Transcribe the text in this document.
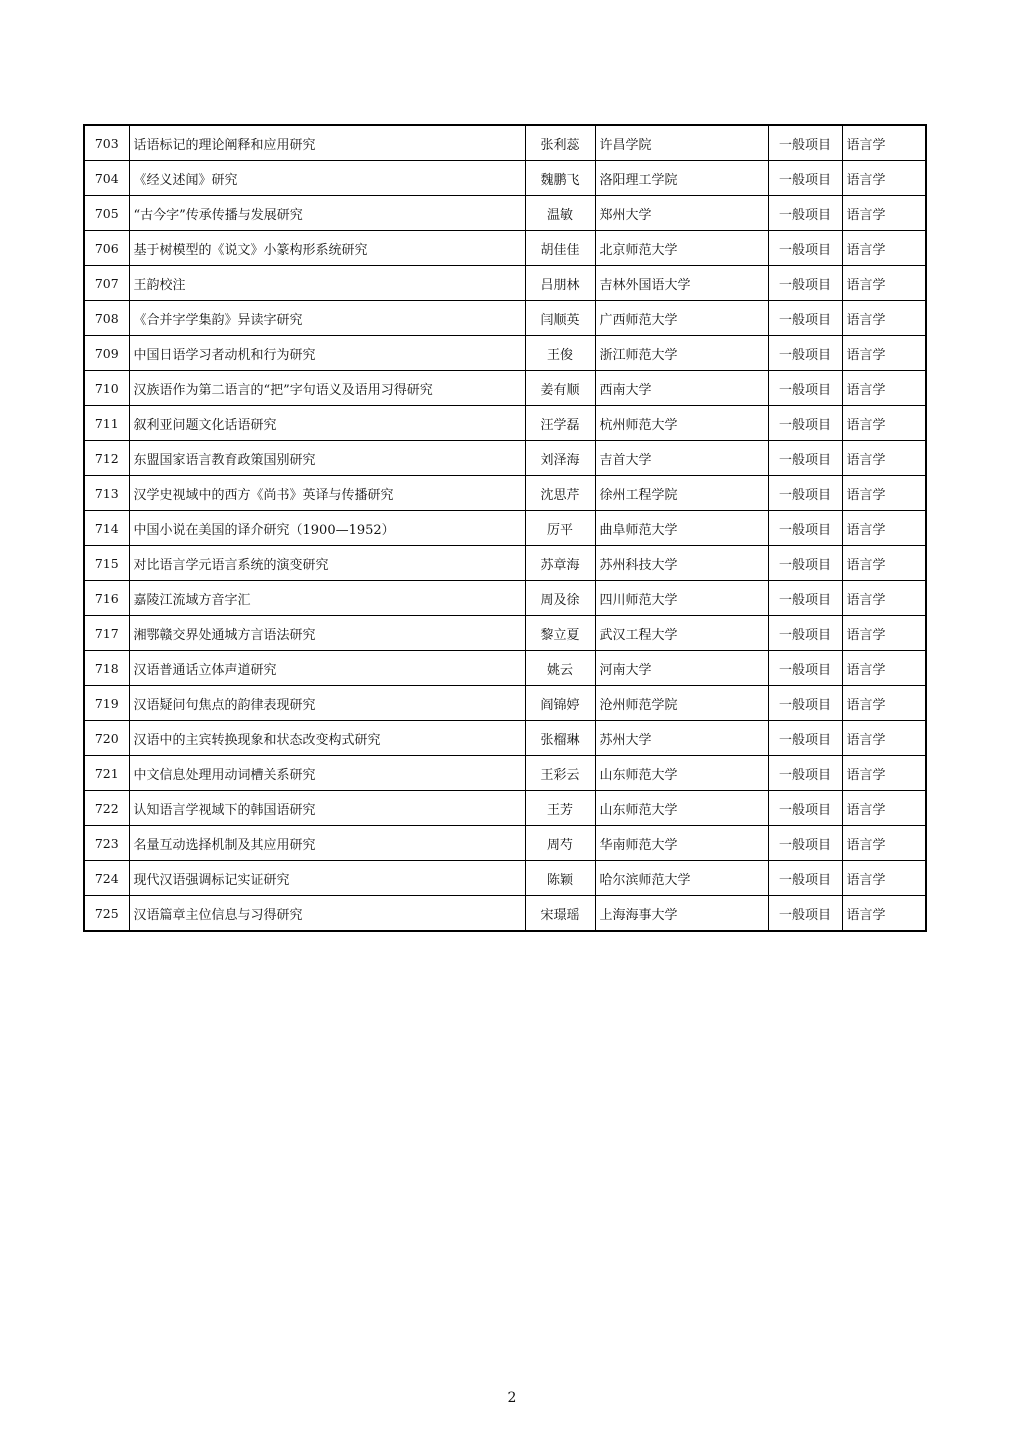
703	话语标记的理论阐释和应用研究	张利蕊	许昌学院	一般项目	语言学
704	《经义述闻》研究	魏鹏飞	洛阳理工学院	一般项目	语言学
705	“古今字”传承传播与发展研究	温敏	郑州大学	一般项目	语言学
706	基于树模型的《说文》小篆构形系统研究	胡佳佳	北京师范大学	一般项目	语言学
707	王韵校注	吕朋林	吉林外国语大学	一般项目	语言学
708	《合并字学集韵》异读字研究	闫顺英	广西师范大学	一般项目	语言学
709	中国日语学习者动机和行为研究	王俊	浙江师范大学	一般项目	语言学
710	汉族语作为第二语言的“把”字句语义及语用习得研究	姜有顺	西南大学	一般项目	语言学
711	叙利亚问题文化话语研究	汪学磊	杭州师范大学	一般项目	语言学
712	东盟国家语言教育政策国别研究	刘泽海	吉首大学	一般项目	语言学
713	汉学史视域中的西方《尚书》英译与传播研究	沈思芹	徐州工程学院	一般项目	语言学
714	中国小说在美国的译介研究（1900—1952）	厉平	曲阜师范大学	一般项目	语言学
715	对比语言学元语言系统的演变研究	苏章海	苏州科技大学	一般项目	语言学
716	嘉陵江流域方音字汇	周及徐	四川师范大学	一般项目	语言学
717	湘鄂赣交界处通城方言语法研究	黎立夏	武汉工程大学	一般项目	语言学
718	汉语普通话立体声道研究	姚云	河南大学	一般项目	语言学
719	汉语疑问句焦点的韵律表现研究	阎锦婷	沧州师范学院	一般项目	语言学
720	汉语中的主宾转换现象和状态改变构式研究	张榴琳	苏州大学	一般项目	语言学
721	中文信息处理用动词槽关系研究	王彩云	山东师范大学	一般项目	语言学
722	认知语言学视域下的韩国语研究	王芳	山东师范大学	一般项目	语言学
723	名量互动选择机制及其应用研究	周芍	华南师范大学	一般项目	语言学
724	现代汉语强调标记实证研究	陈颖	哈尔滨师范大学	一般项目	语言学
725	汉语篇章主位信息与习得研究	宋璟瑶	上海海事大学	一般项目	语言学
2
